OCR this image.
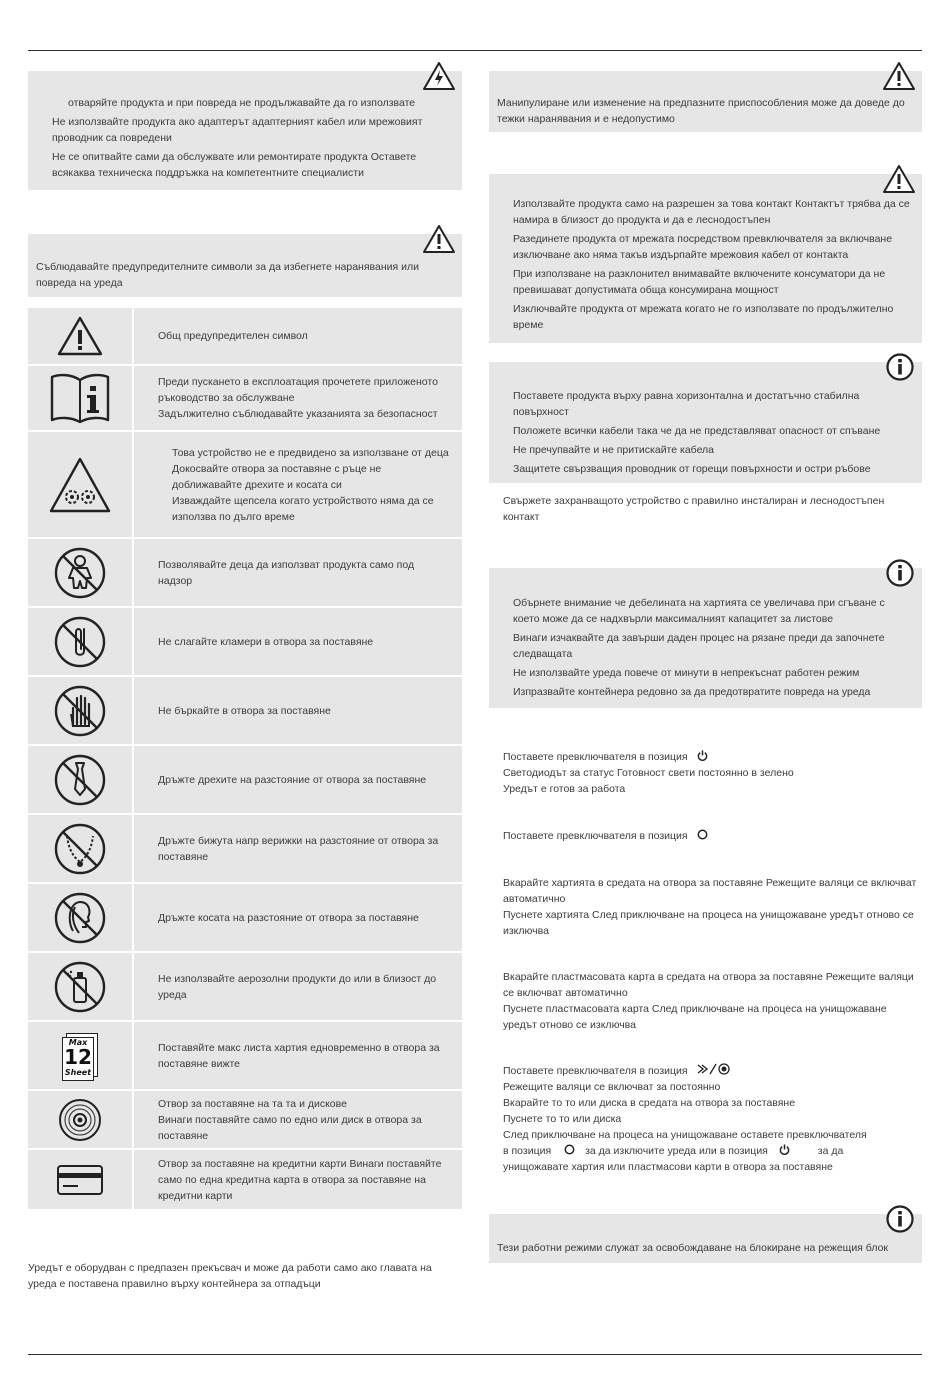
отваряйте продукта и при повреда не продължавайте да го използвате

Не използвайте продукта ако адаптерът адаптерният кабел или мрежовият проводник са повредени

Не се опитвайте сами да обслужвате или ремонтирате продукта Оставете всякаква техническа поддръжка на компетентните специалисти

Съблюдавайте предупредителните символи за да избегнете наранявания или повреда на уреда

Общ предупредителен символ
Преди пускането в експлоатация прочетете приложеното
ръководство за обслужване
Задължително съблюдавайте указанията за безопасност
Това устройство не е предвидено за използване от деца
Докосвайте отвора за поставяне с ръце не доближавайте дрехите и косата си
Изваждайте щепсела когато устройството няма да се използва по дълго време
Позволявайте деца да използват продукта само под надзор
Не слагайте кламери в отвора за поставяне
Не бъркайте в отвора за поставяне
Дръжте дрехите на разстояние от отвора за поставяне
Дръжте бижута напр верижки на разстояние от отвора за поставяне
Дръжте косата на разстояние от отвора за поставяне
Не използвайте аерозолни продукти до или в близост до уреда
Max
12
Sheet
Поставяйте макс листа хартия едновременно в отвора за поставяне вижте
Отвор за поставяне на та та и дискове
Винаги поставяйте само по едно или диск в отвора за поставяне
Отвор за поставяне на кредитни карти Винаги поставяйте само по една кредитна карта в отвора за поставяне на кредитни карти

Уредът е оборудван с предпазен прекъсвач и може да работи само ако главата на уреда е поставена правилно върху контейнера за отпадъци

Манипулиране или изменение на предпазните приспособления може да доведе до тежки наранявания и е недопустимо

Използвайте продукта само на разрешен за това контакт Контактът трябва да се намира в близост до продукта и да е леснодостъпен

Разединете продукта от мрежата посредством превключвателя за включване изключване ако няма такъв издърпайте мрежовия кабел от контакта

При използване на разклонител внимавайте включените консуматори да не превишават допустимата обща консумирана мощност

Изключвайте продукта от мрежата когато не го използвате по продължително време

Поставете продукта върху равна хоризонтална и достатъчно стабилна повърхност

Положете всички кабели така че да не представляват опасност от спъване

Не пречупвайте и не притискайте кабела

Защитете свързващия проводник от горещи повърхности и остри ръбове

Свържете захранващото устройство с правилно инсталиран и леснодостъпен контакт

Обърнете внимание че дебелината на хартията се увеличава при сгъване с което може да се надхвърли максималният капацитет за листове

Винаги изчаквайте да завърши даден процес на рязане преди да започнете следващата

Не използвайте уреда повече от минути в непрекъснат работен режим

Изпразвайте контейнера редовно за да предотвратите повреда на уреда

Поставете превключвателя в позиция
Светодиодът за статус Готовност свети постоянно в зелено
Уредът е готов за работа
Поставете превключвателя в позиция
Вкарайте хартията в средата на отвора за поставяне Режещите валяци се включват автоматично
Пуснете хартията След приключване на процеса на унищожаване уредът отново се изключва
Вкарайте пластмасовата карта в средата на отвора за поставяне Режещите валяци се включват автоматично
Пуснете пластмасовата карта След приключване на процеса на унищожаване уредът отново се изключва
Поставете превключвателя в позиция
Режещите валяци се включват за постоянно
Вкарайте то то или диска в средата на отвора за поставяне
Пуснете то то или диска
След приключване на процеса на унищожаване оставете превключвателя
в позиция	за да изключите уреда или в позиция	за да
унищожавате хартия или пластмасови карти в отвора за поставяне

Тези работни режими служат за освобождаване на блокиране на режещия блок
